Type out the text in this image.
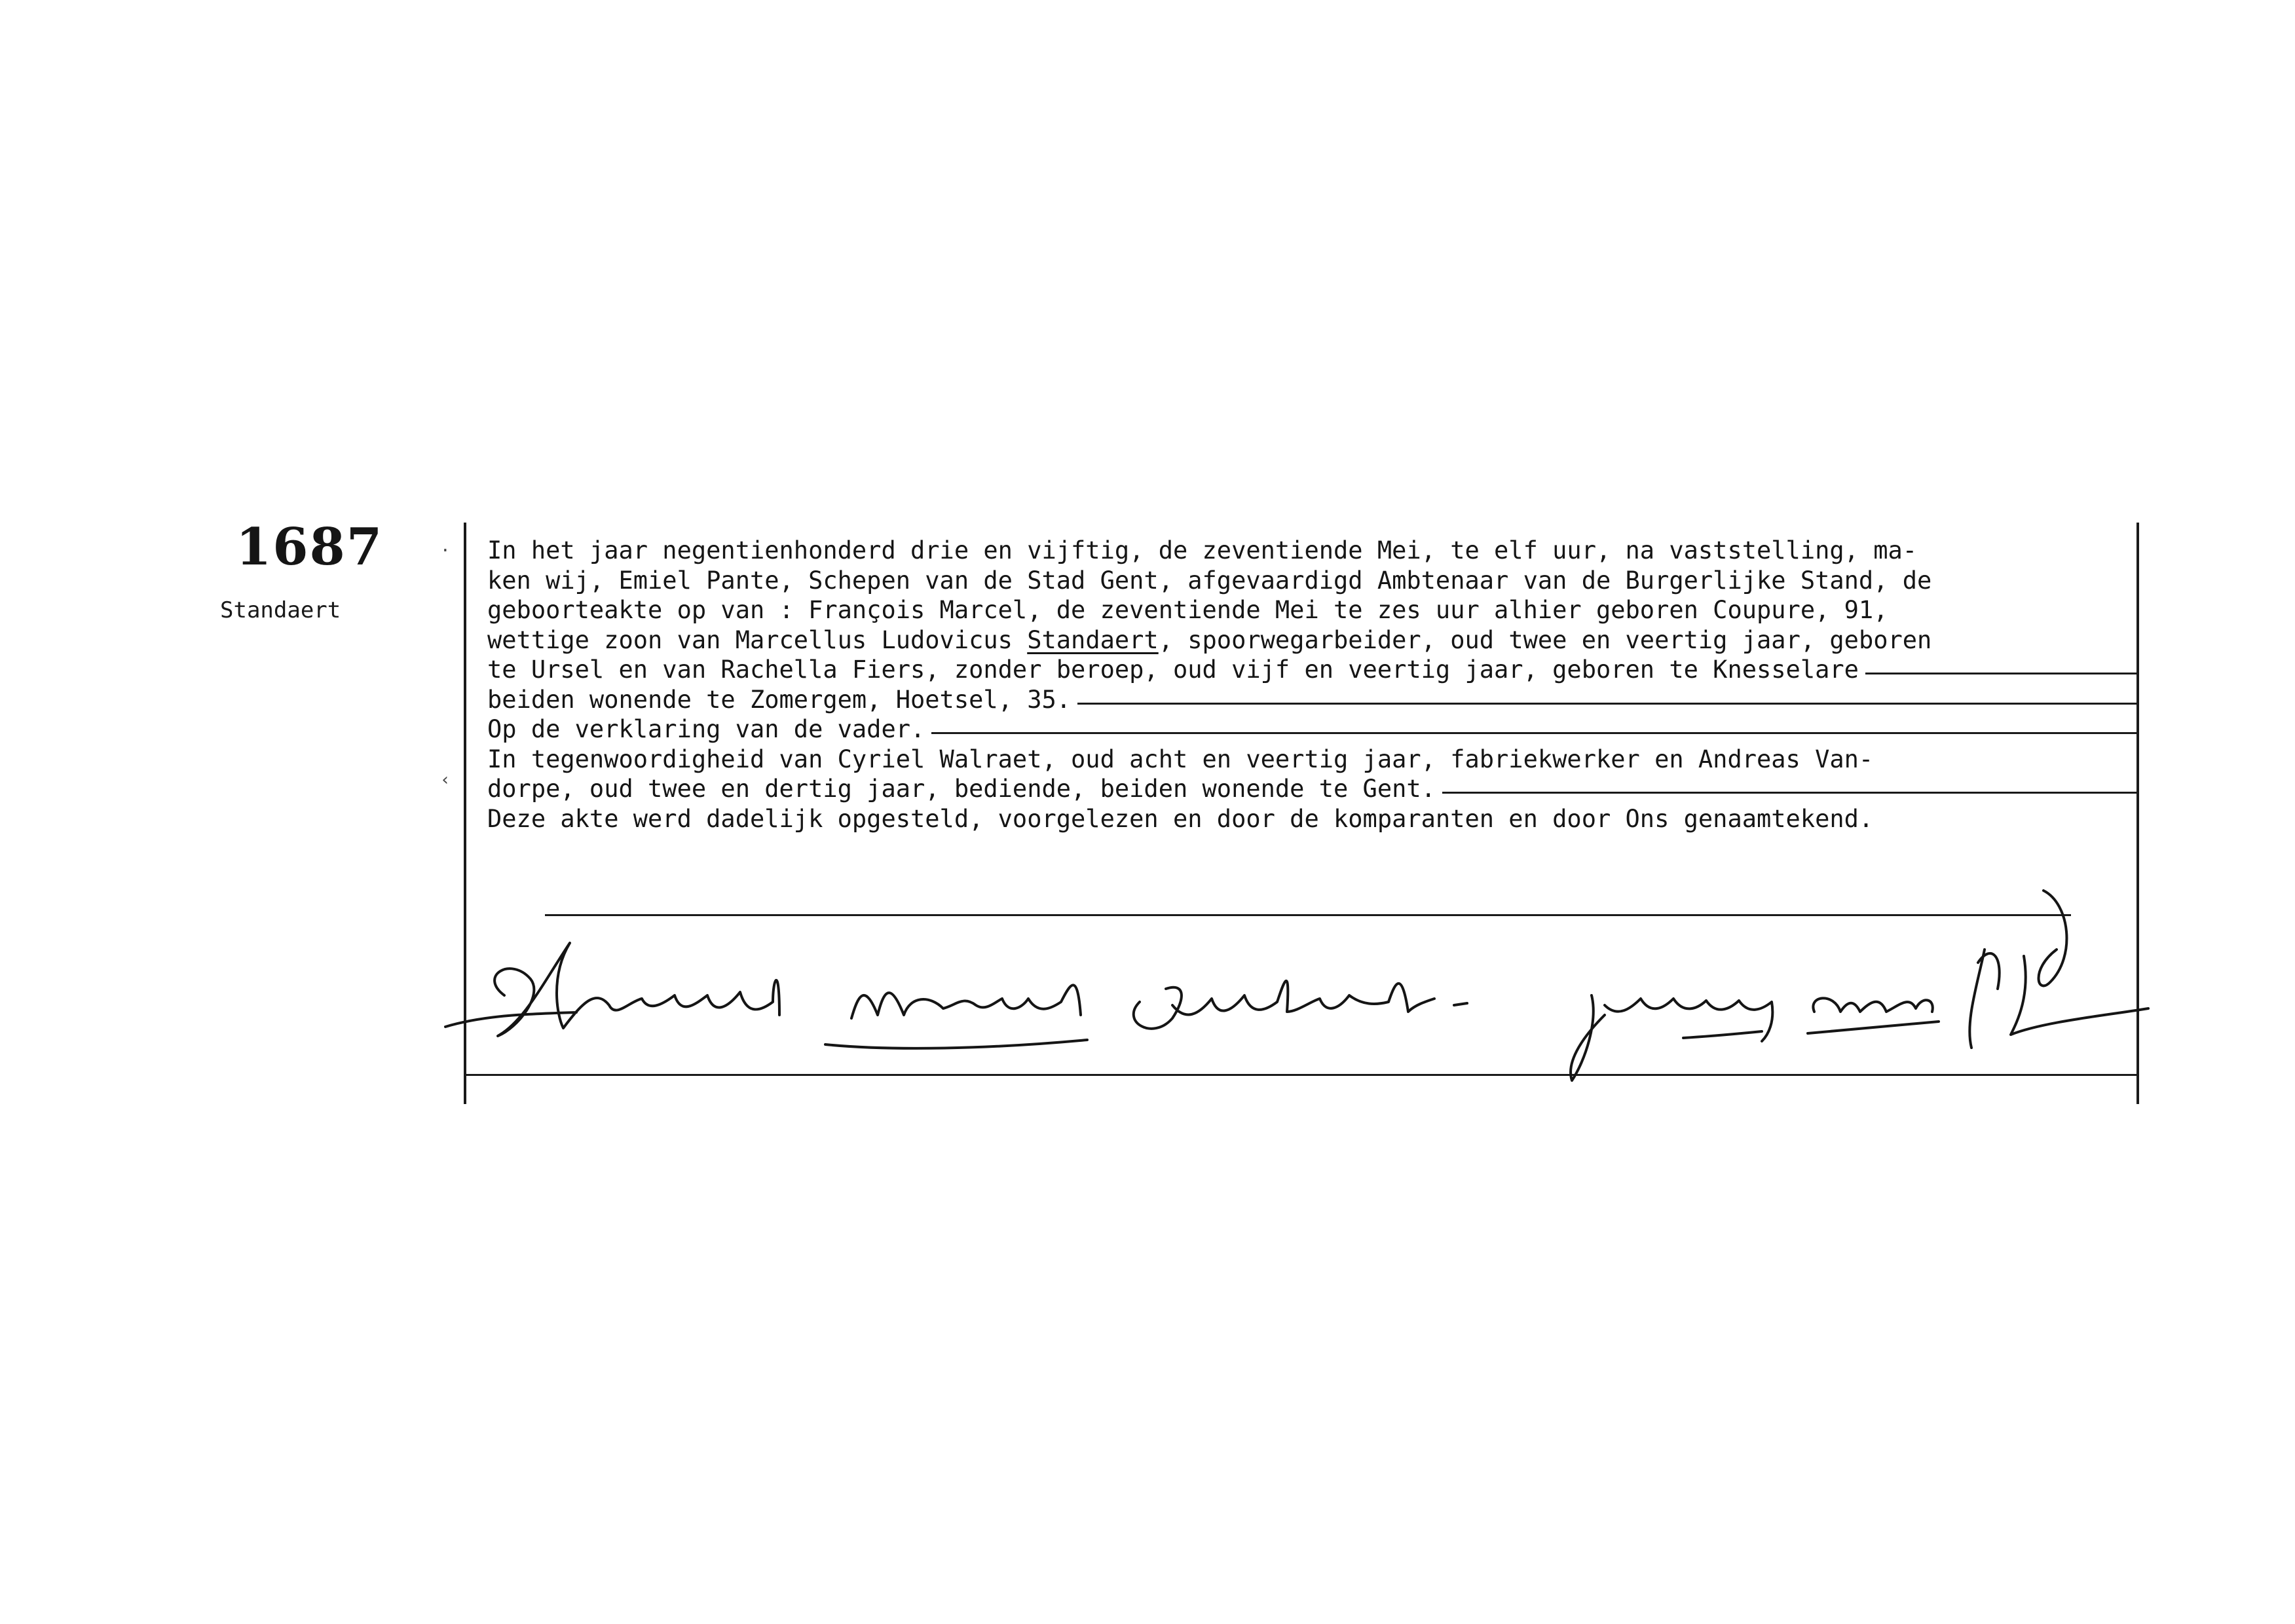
1687
Standaert
·
‹
In het jaar negentienhonderd drie en vijftig, de zeventiende Mei, te elf uur, na vaststelling, ma-
ken wij, Emiel Pante, Schepen van de Stad Gent, afgevaardigd Ambtenaar van de Burgerlijke Stand, de
geboorteakte op van : François Marcel, de zeventiende Mei te zes uur alhier geboren Coupure, 91,
wettige zoon van Marcellus Ludovicus Standaert , spoorwegarbeider, oud twee en veertig jaar, geboren
te Ursel en van Rachella Fiers, zonder beroep, oud vijf en veertig jaar, geboren te Knesselare
beiden wonende te Zomergem, Hoetsel, 35.
Op de verklaring van de vader.
In tegenwoordigheid van Cyriel Walraet, oud acht en veertig jaar, fabriekwerker en Andreas Van-
dorpe, oud twee en dertig jaar, bediende, beiden wonende te Gent.
Deze akte werd dadelijk opgesteld, voorgelezen en door de komparanten en door Ons genaamtekend.
